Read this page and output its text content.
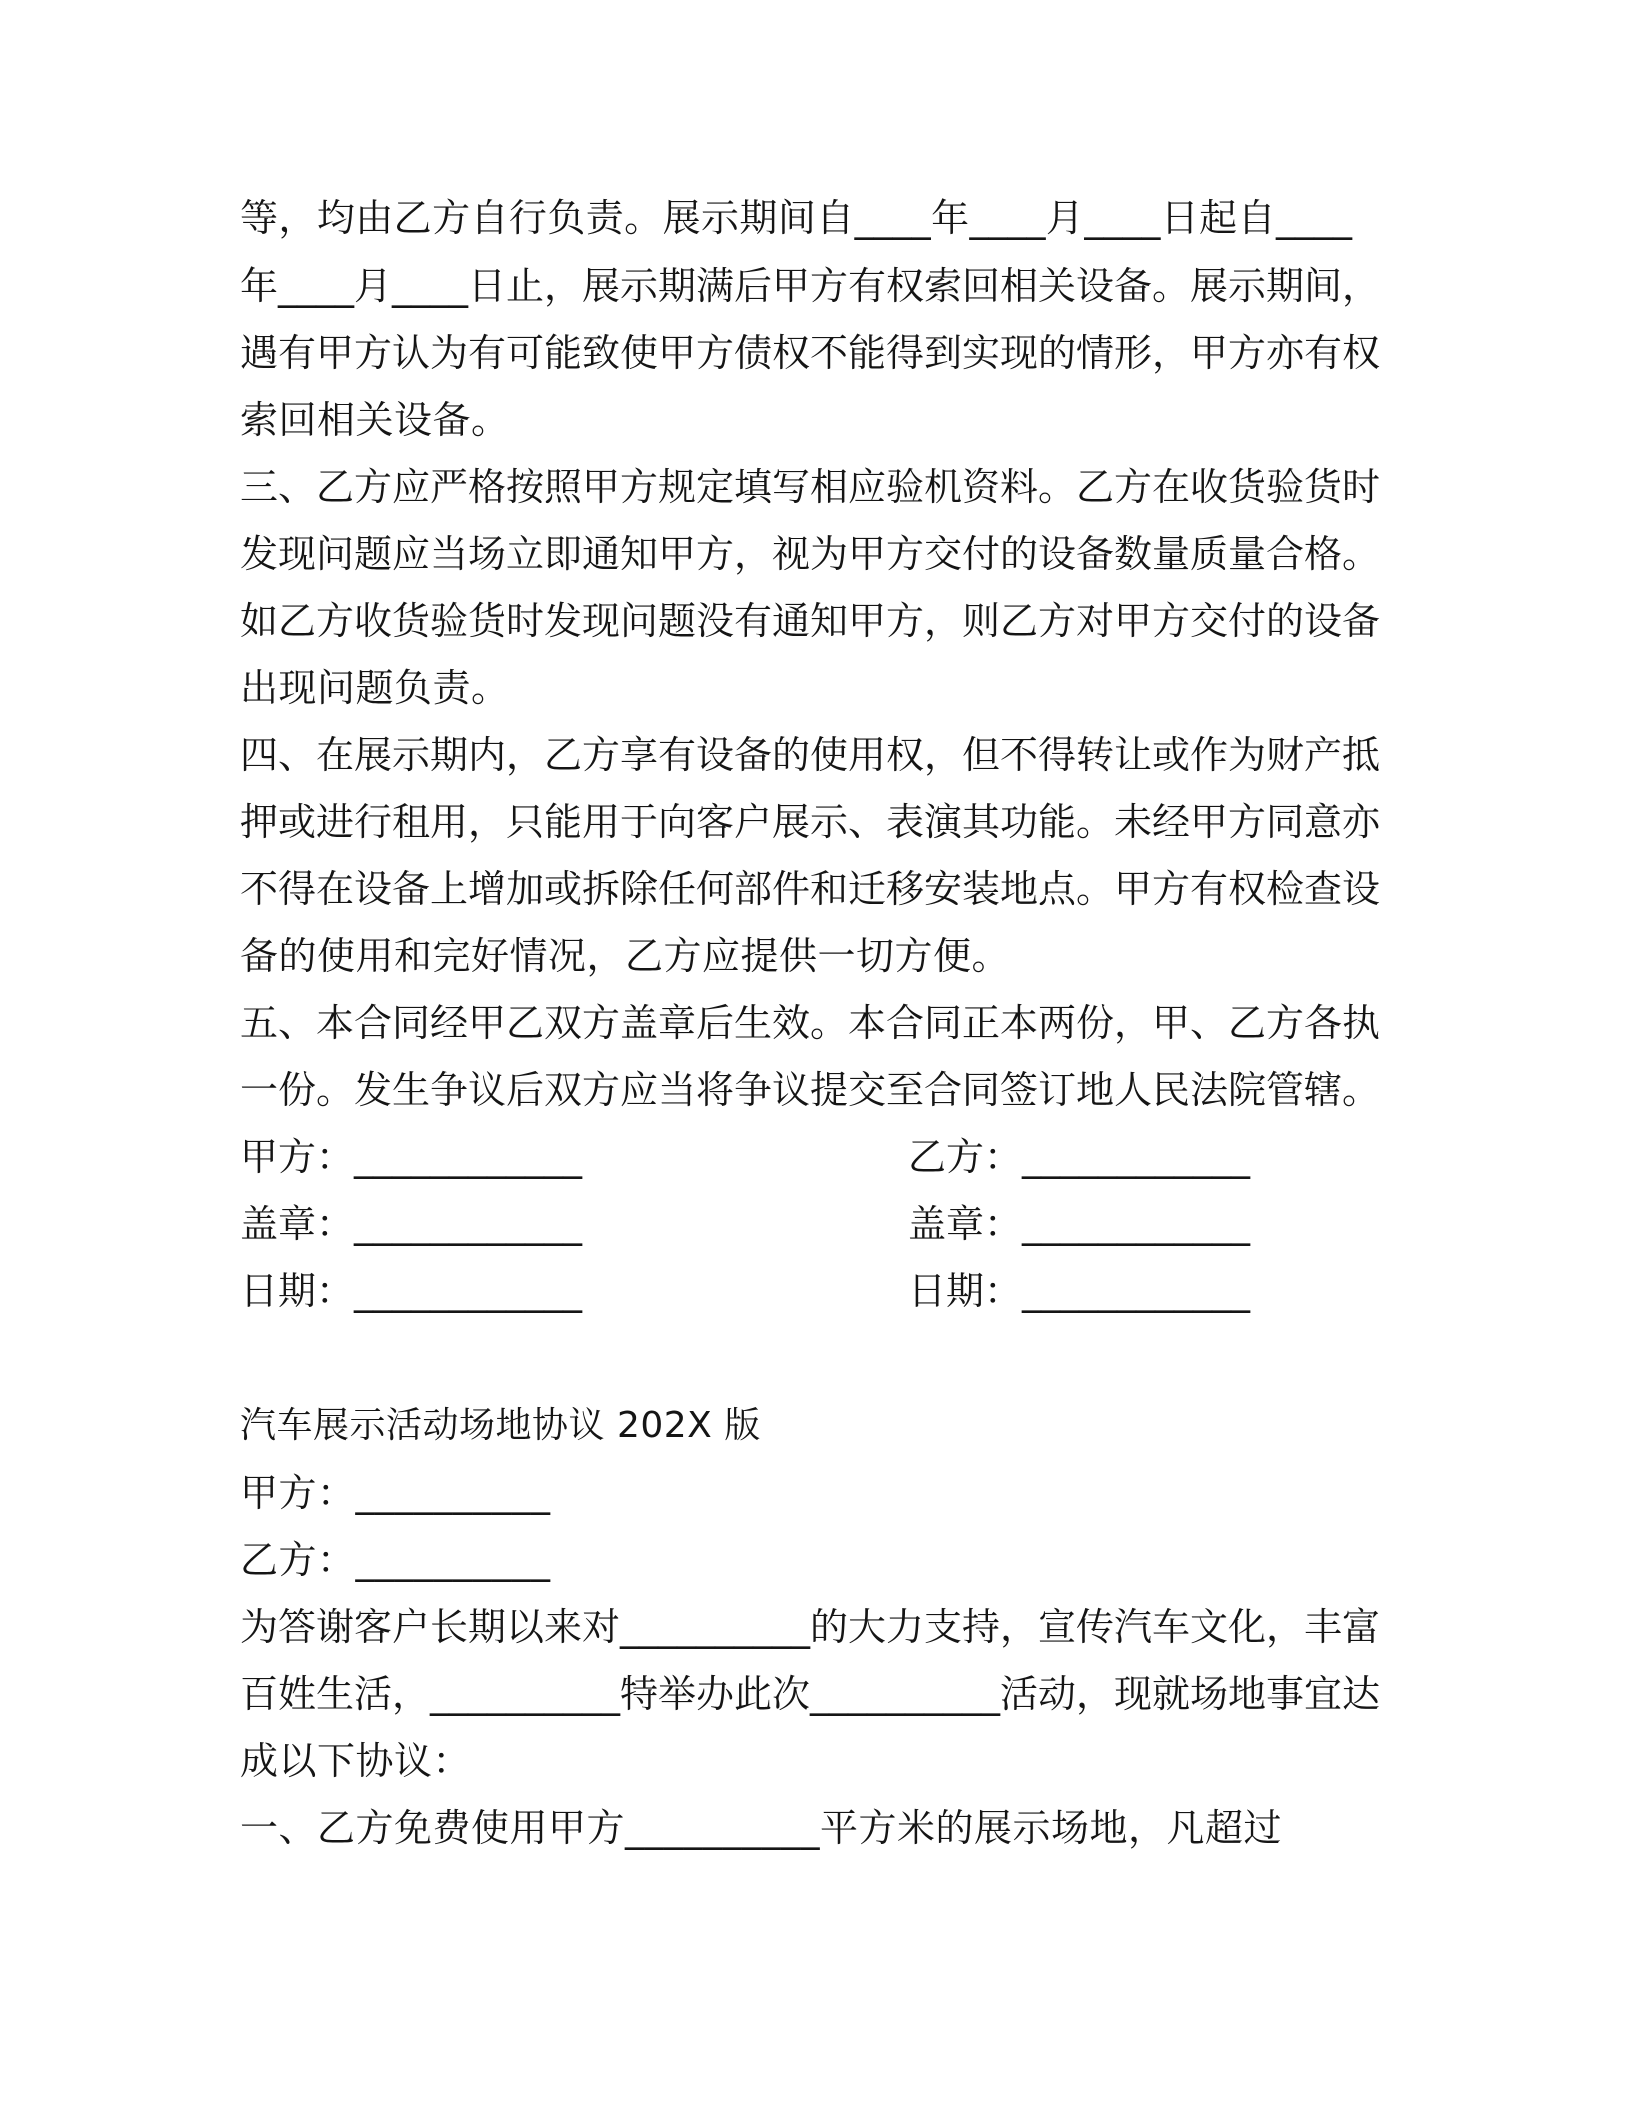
等，均由乙方自行负责。展示期间自____年____月____日起自____

年____月____日止，展示期满后甲方有权索回相关设备。展示期间，

遇有甲方认为有可能致使甲方债权不能得到实现的情形，甲方亦有权

索回相关设备。

三、乙方应严格按照甲方规定填写相应验机资料。乙方在收货验货时

发现问题应当场立即通知甲方，视为甲方交付的设备数量质量合格。

如乙方收货验货时发现问题没有通知甲方，则乙方对甲方交付的设备

出现问题负责。

四、在展示期内，乙方享有设备的使用权，但不得转让或作为财产抵

押或进行租用，只能用于向客户展示、表演其功能。未经甲方同意亦

不得在设备上增加或拆除任何部件和迁移安装地点。甲方有权检查设

备的使用和完好情况，乙方应提供一切方便。

五、本合同经甲乙双方盖章后生效。本合同正本两份，甲、乙方各执

一份。发生争议后双方应当将争议提交至合同签订地人民法院管辖。

甲方：____________	乙方：____________
盖章：____________	盖章：____________
日期：____________	日期：____________

汽车展示活动场地协议 202X 版

甲方：__________

乙方：__________

为答谢客户长期以来对__________的大力支持，宣传汽车文化，丰富

百姓生活，__________特举办此次__________活动，现就场地事宜达

成以下协议：

一、乙方免费使用甲方__________平方米的展示场地，凡超过
